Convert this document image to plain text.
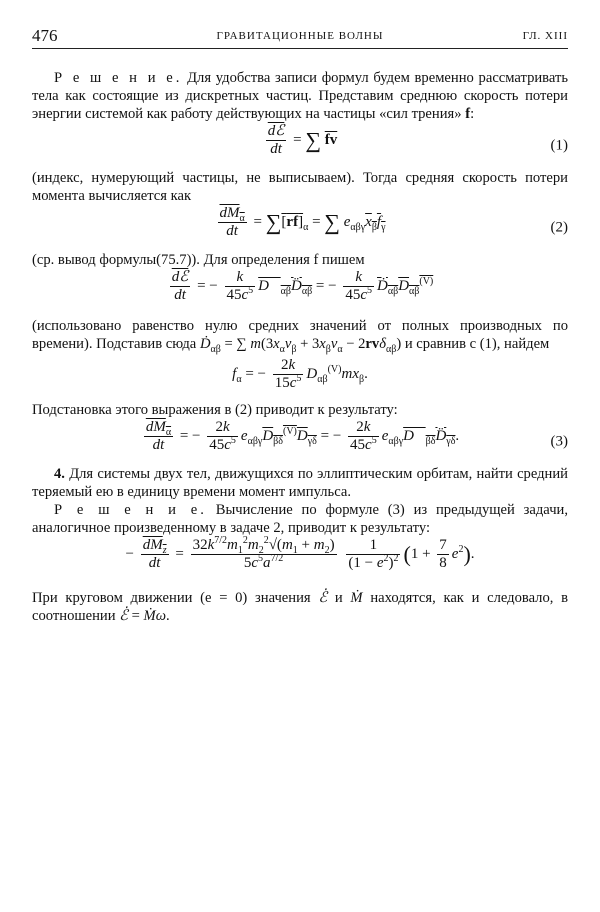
476	ГРАВИТАЦИОННЫЕ ВОЛНЫ	ГЛ. XIII

Р е ш е н и е. Для удобства записи формул будем временно рассматривать тела как состоящие из дискретных частиц. Представим среднюю скорость потери энергии системой как работу действующих на частицы «сил трения» f:

dℰ
dt
= ∑ $\overline{fv}$	(1)

(индекс, нумерующий частицы, не выписываем). Тогда средняя скорость потери момента вычисляется как

$dM_\alpha$
dt
= $\sum[rf]_\alpha$ = ∑ $e_{\alpha\beta\gamma}x_\beta f_\gamma$	(2)

(ср. вывод формулы(75.7)). Для определения f пишем

dℰ
dt
= − $\frac{k}{45c^5}$ $D⃛_{\alpha\beta}D̈_{\alpha\beta}$ = − $\frac{k}{45c^5}$ $Ḋ_{\alpha\beta}D_{\alpha\beta}^{(V)}$

(использовано равенство нулю средних значений от полных производных по времени). Подставив сюда Ḋ$_{\alpha\beta}$ = ∑ $m(3x_\alpha v_\beta + 3x_\beta v_\alpha - 2rv\delta_{\alpha\beta})$ и сравнив с (1), найдем

$f_\alpha$ = − $\frac{2k}{15c^5} D_{\alpha\beta}^{(V)}mx_\beta$.

Подстановка этого выражения в (2) приводит к результату:

$dM_\alpha$
dt
= − $\frac{2k}{45c^5} e_{\alpha\beta\gamma}D_{\beta\delta}^{(V)}D_{\gamma\delta}$ = − $\frac{2k}{45c^5}$ $e_{\alpha\beta\gamma}D⃛_{\beta\delta}D̈_{\gamma\delta}$.	(3)

4. Для системы двух тел, движущихся по эллиптическим орбитам, найти средний теряемый ею в единицу времени момент импульса.

Р е ш е н и е. Вычисление по формуле (3) из предыдущей задачи, аналогичное произведенному в задаче 2, приводит к результату:

−
$dM_z$
dt
= $\frac{32k^{7/2}m_1^2m_2^2√(m_1 + m_2)}{5c^5a^{7/2}}$
$\frac{1}{(1 - e^2)^2} (1 + \frac{7}{8} e^2)$.

При круговом движении (e = 0) значения ℰ̇ и Ṁ находятся, как и следовало, в соотношении ℰ̇ = Ṁω.
